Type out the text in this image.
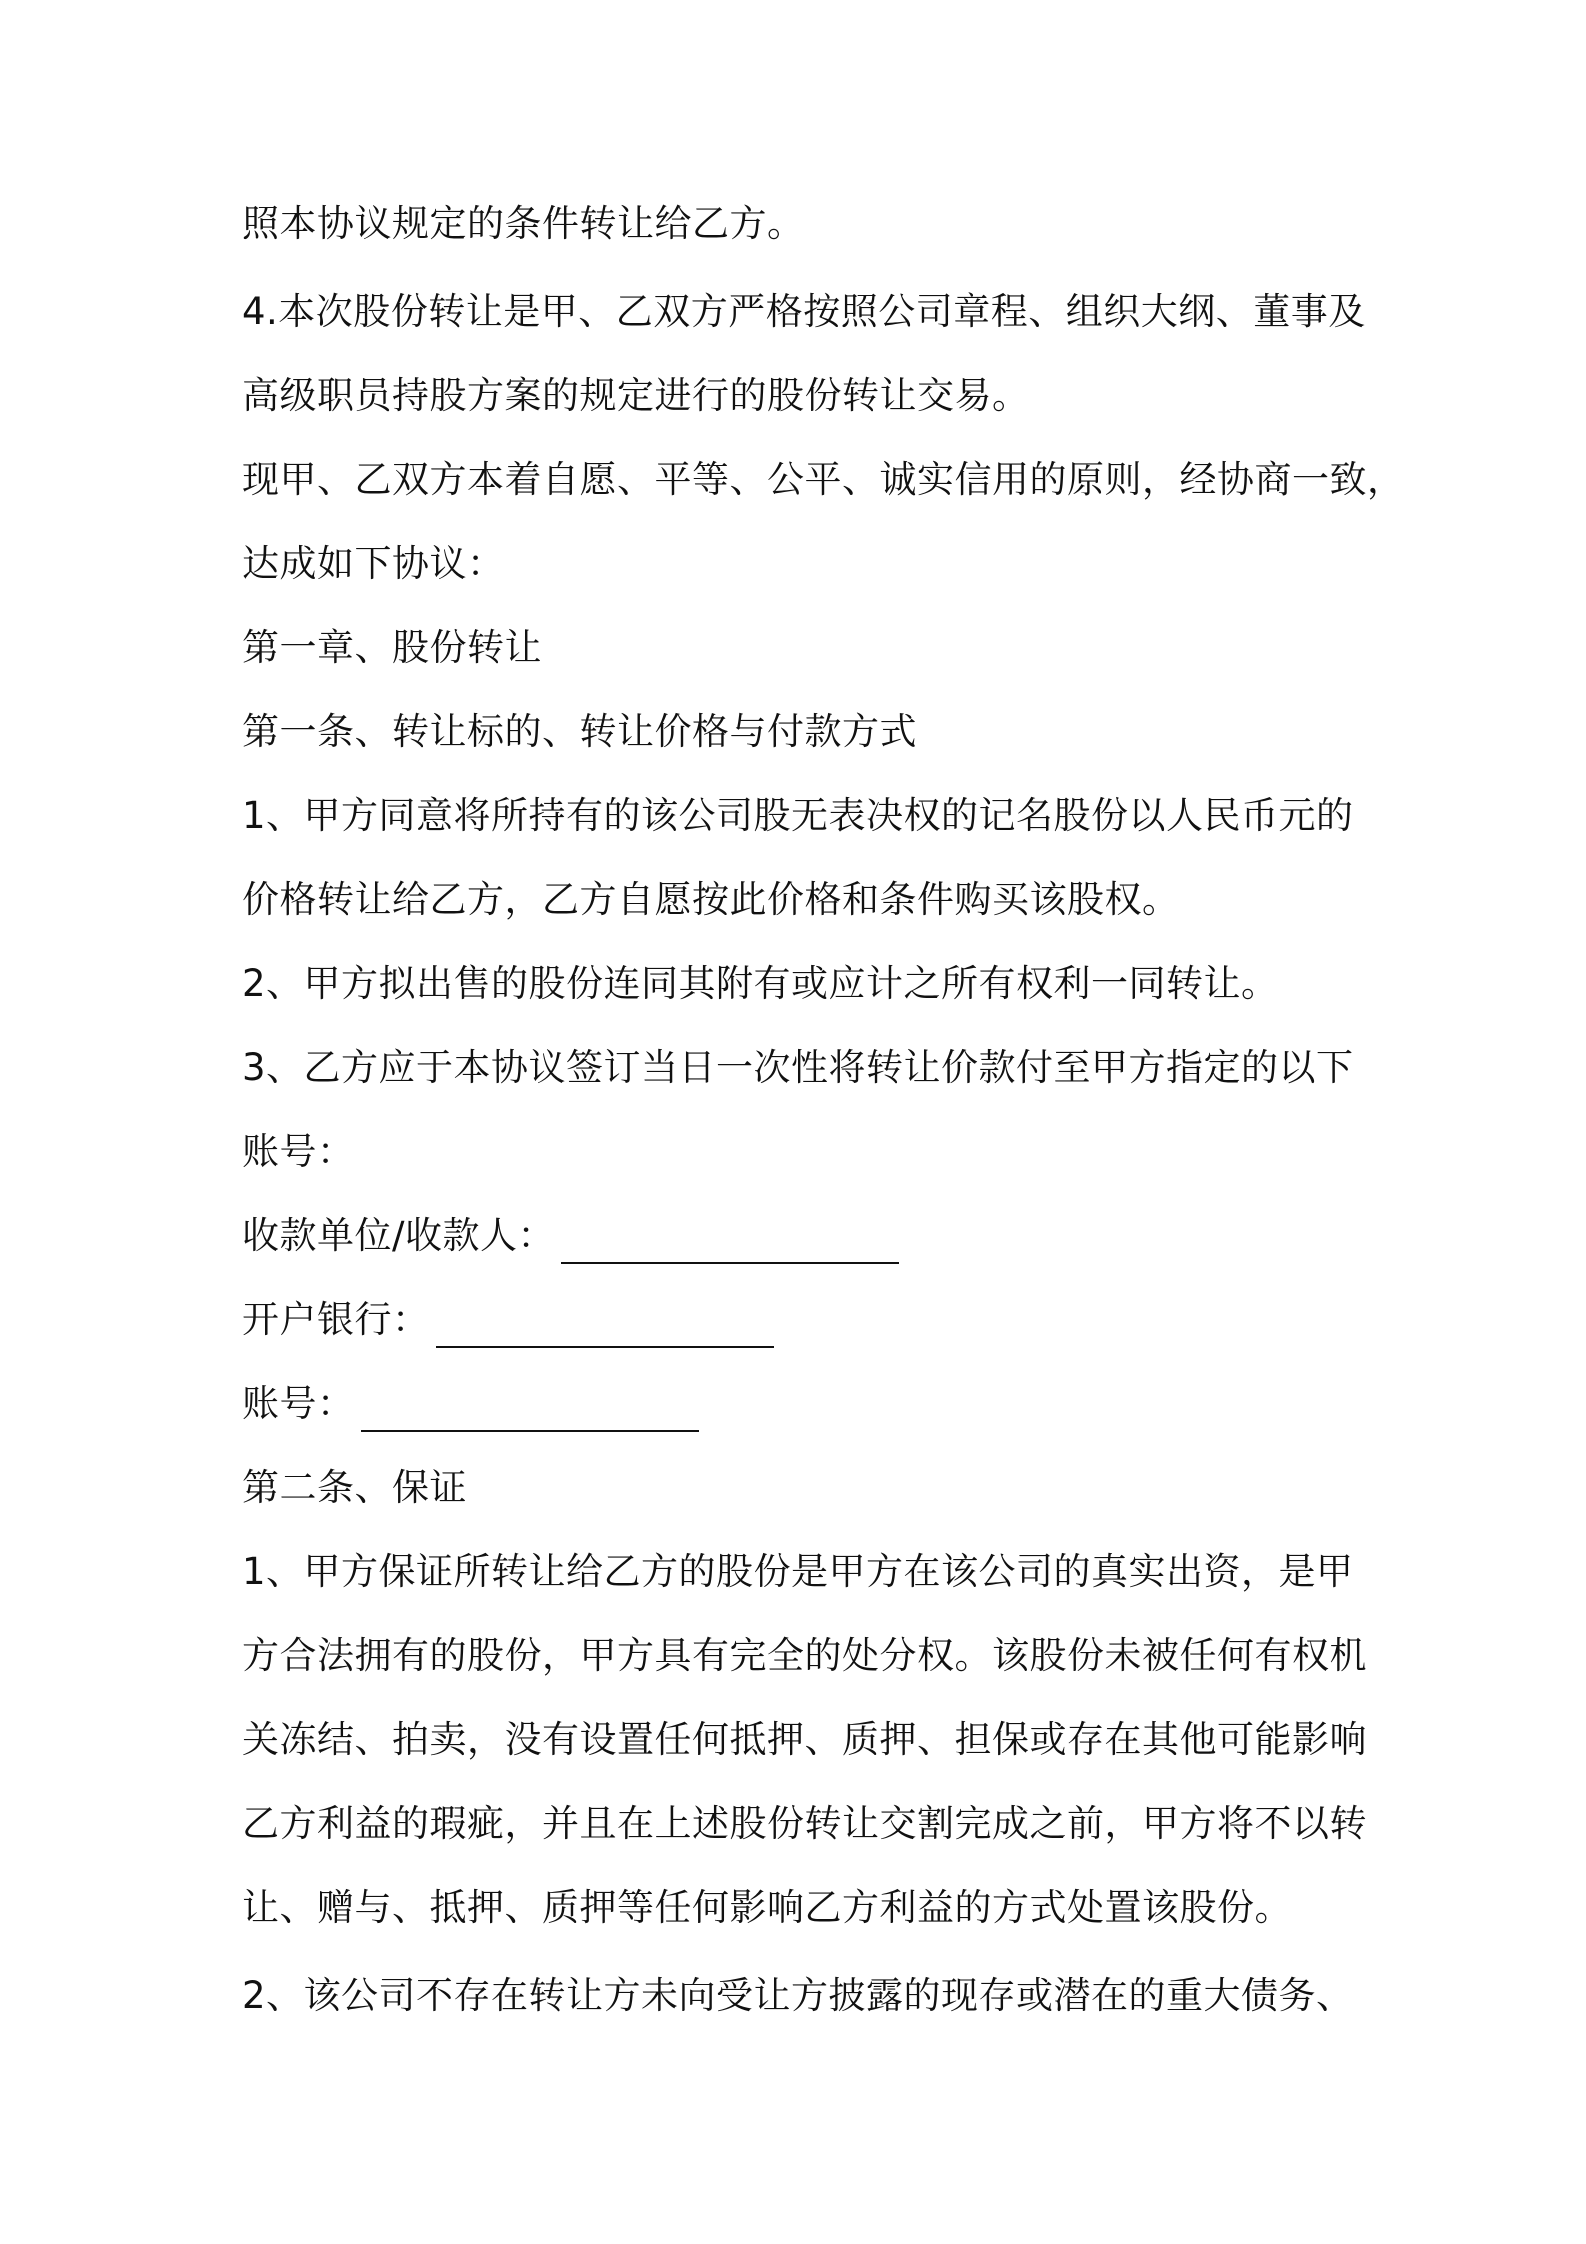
照本协议规定的条件转让给乙方。
4.本次股份转让是甲、乙双方严格按照公司章程、组织大纲、董事及
高级职员持股方案的规定进行的股份转让交易。
现甲、乙双方本着自愿、平等、公平、诚实信用的原则，经协商一致，
达成如下协议：
第一章、股份转让
第一条、转让标的、转让价格与付款方式
1、甲方同意将所持有的该公司股无表决权的记名股份以人民币元的
价格转让给乙方，乙方自愿按此价格和条件购买该股权。
2、甲方拟出售的股份连同其附有或应计之所有权利一同转让。
3、乙方应于本协议签订当日一次性将转让价款付至甲方指定的以下
账号：
收款单位/收款人：
开户银行：
账号：
第二条、保证
1、甲方保证所转让给乙方的股份是甲方在该公司的真实出资，是甲
方合法拥有的股份，甲方具有完全的处分权。该股份未被任何有权机
关冻结、拍卖，没有设置任何抵押、质押、担保或存在其他可能影响
乙方利益的瑕疵，并且在上述股份转让交割完成之前，甲方将不以转
让、赠与、抵押、质押等任何影响乙方利益的方式处置该股份。
2、该公司不存在转让方未向受让方披露的现存或潜在的重大债务、
